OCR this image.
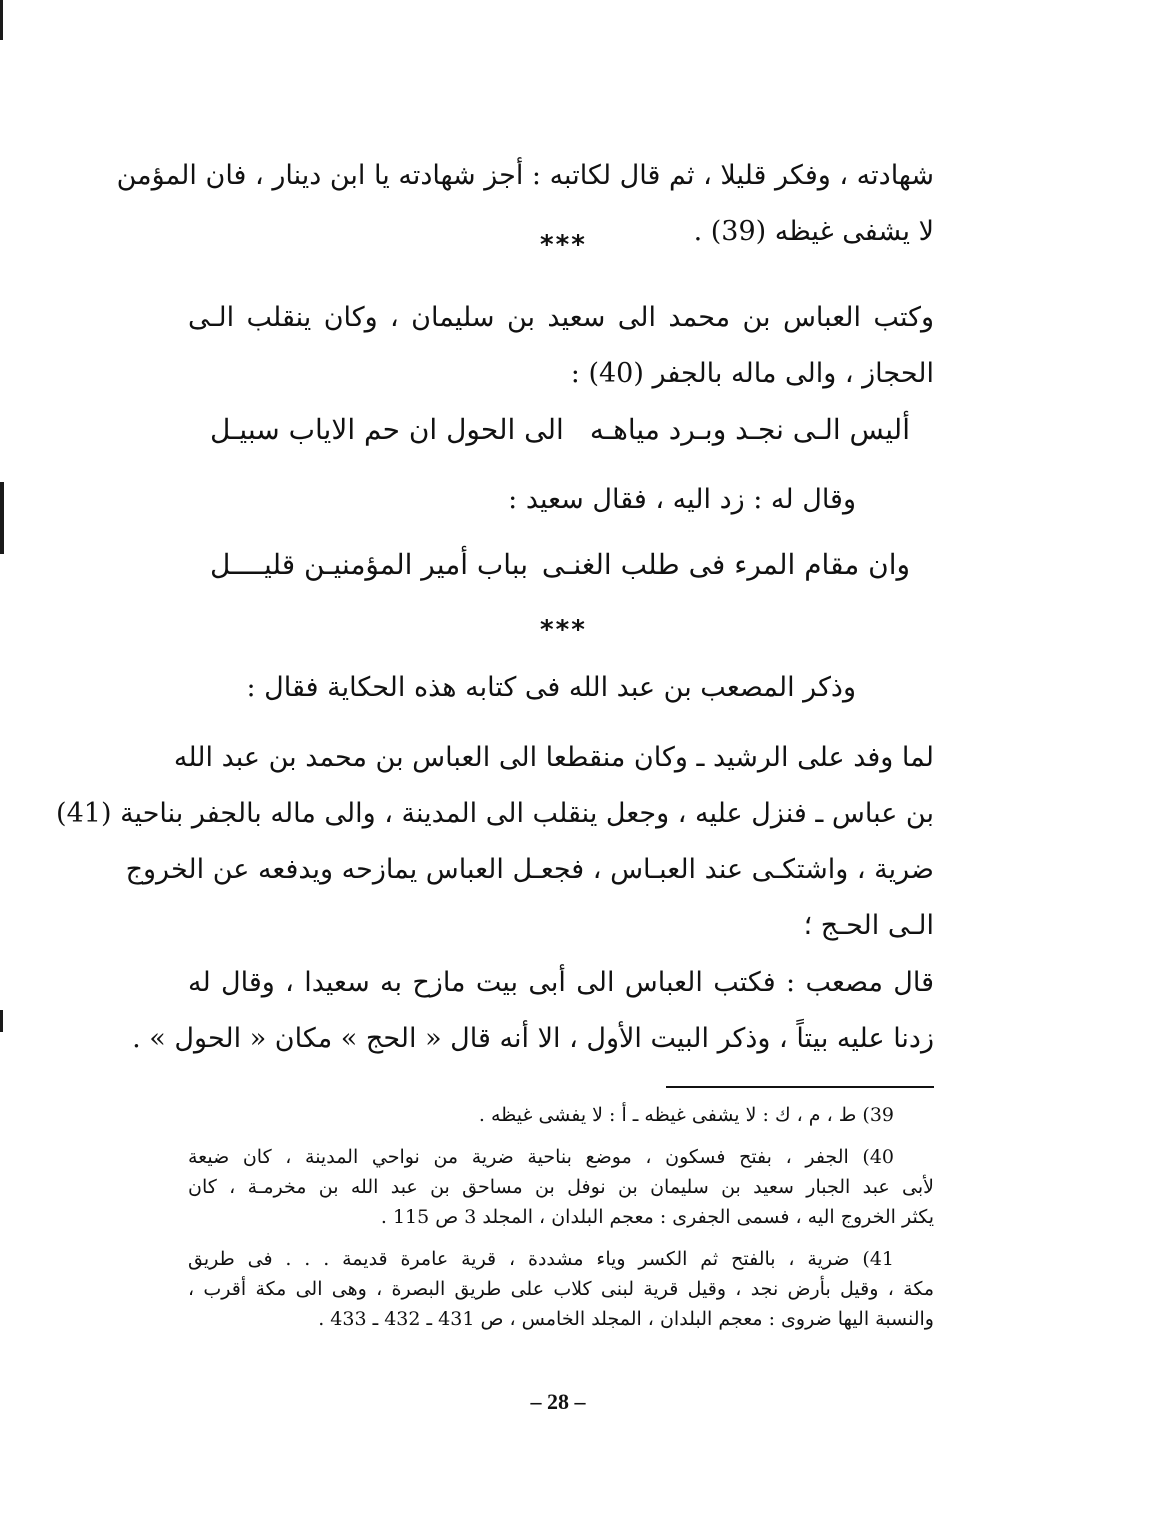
شهادته ، وفكر قليلا ، ثم قال لكاتبه : أجز شهادته يا ابن دينار ، فان المؤمن
لا يشفى غيظه (39) .
***
وكتب العباس بن محمد الى سعيد بن سليمان ، وكان ينقلب الـى
الحجاز ، والى ماله بالجفر (40) :
أليس الـى نجـد وبـرد مياهـه
الى الحول ان حم الاياب سبيـل
وقال له : زد اليه ، فقال سعيد :
وان مقام المرء فى طلب الغنـى
بباب أمير المؤمنيـن قليــــل
***
وذكر المصعب بن عبد الله فى كتابه هذه الحكاية فقال :
لما وفد على الرشيد ـ وكان منقطعا الى العباس بن محمد بن عبد الله
بن عباس ـ فنزل عليه ، وجعل ينقلب الى المدينة ، والى ماله بالجفر بناحية (41)
ضرية ، واشتكـى عند العبـاس ، فجعـل العباس يمازحه ويدفعه عن الخروج
الـى الحـج ؛
قال مصعب : فكتب العباس الى أبى بيت مازح به سعيدا ، وقال له
زدنا عليه بيتاً ، وذكر البيت الأول ، الا أنه قال « الحج » مكان « الحول » .
39) ط ، م ، ك : لا يشفى غيظه ـ أ : لا يفشى غيظه .
40) الجفر ، بفتح فسكون ، موضع بناحية ضرية من نواحي المدينة ، كان ضيعة
لأبى عبد الجبار سعيد بن سليمان بن نوفل بن مساحق بن عبد الله بن مخرمـة ، كان
يكثر الخروج اليه ، فسمى الجفرى : معجم البلدان ، المجلد 3 ص 115 .
41) ضرية ، بالفتح ثم الكسر وياء مشددة ، قرية عامرة قديمة . . . فى طريق
مكة ، وقيل بأرض نجد ، وقيل قرية لبنى كلاب على طريق البصرة ، وهى الى مكة أقرب ،
والنسبة اليها ضروى : معجم البلدان ، المجلد الخامس ، ص 431 ـ 432 ـ 433 .
– 28 –
